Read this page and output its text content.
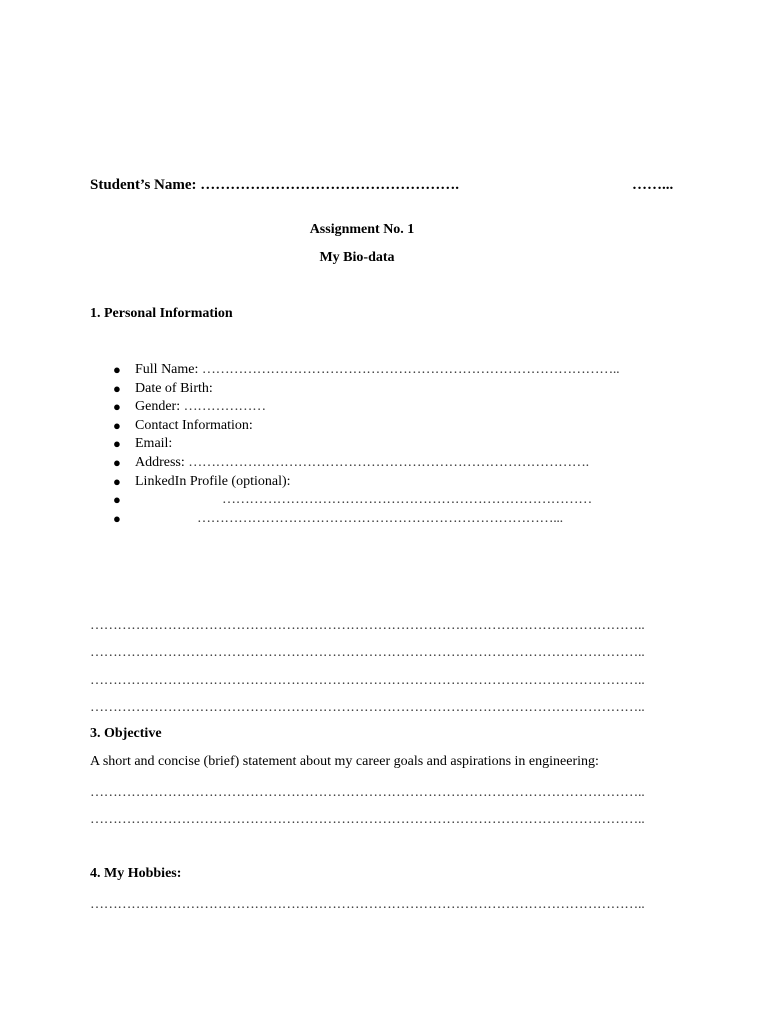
Student’s Name: …………………………………………….	……...
Assignment No. 1
My Bio-data
1. Personal Information
● Full Name: ………………………………………………………………………………..
● Date of Birth:
● Gender: ………………
● Contact Information:
● Email:
● Address: …………………………………………………………………………….
● LinkedIn Profile (optional):
●	………………………………………………………………………
●	……………………………………………………………………...
…………………………………………………………………………………………………………..
…………………………………………………………………………………………………………..
…………………………………………………………………………………………………………..
…………………………………………………………………………………………………………..
3. Objective
A short and concise (brief) statement about my career goals and aspirations in engineering:
…………………………………………………………………………………………………………..
…………………………………………………………………………………………………………..
4. My Hobbies:
…………………………………………………………………………………………………………..
